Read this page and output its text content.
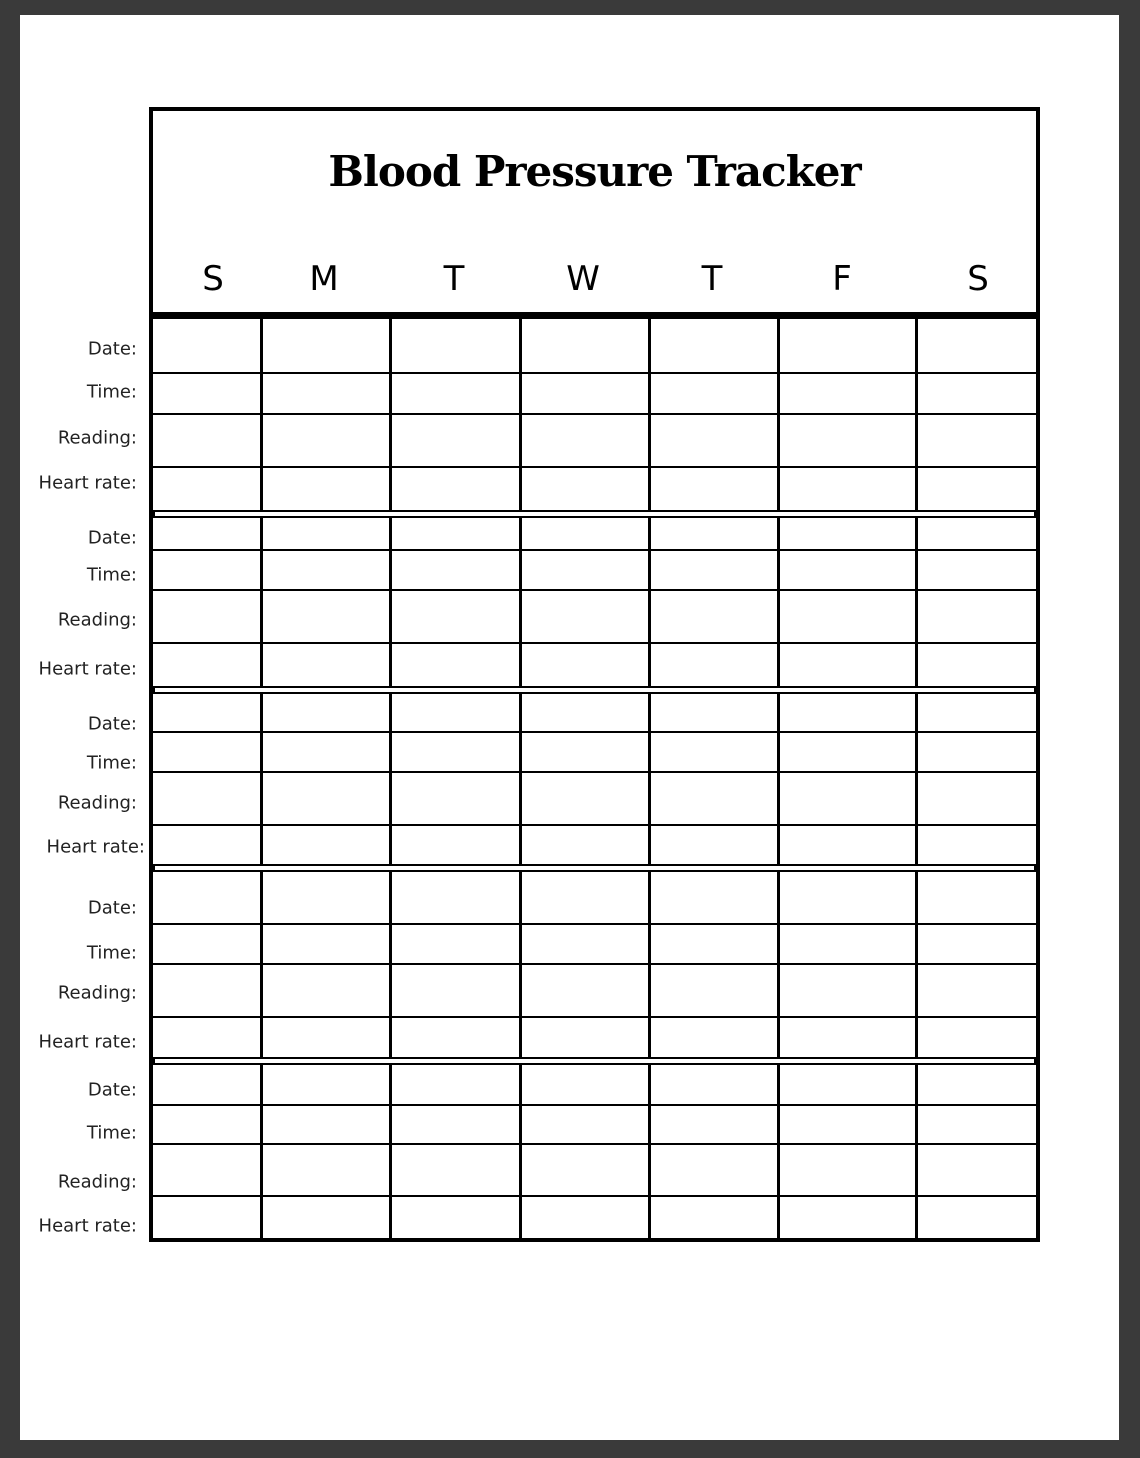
Blood Pressure Tracker
S	M	T	W	T	F	S
Date:
Time:
Reading:
Heart rate:
Date:
Time:
Reading:
Heart rate:
Date:
Time:
Reading:
Heart rate:
Date:
Time:
Reading:
Heart rate:
Date:
Time:
Reading:
Heart rate:
